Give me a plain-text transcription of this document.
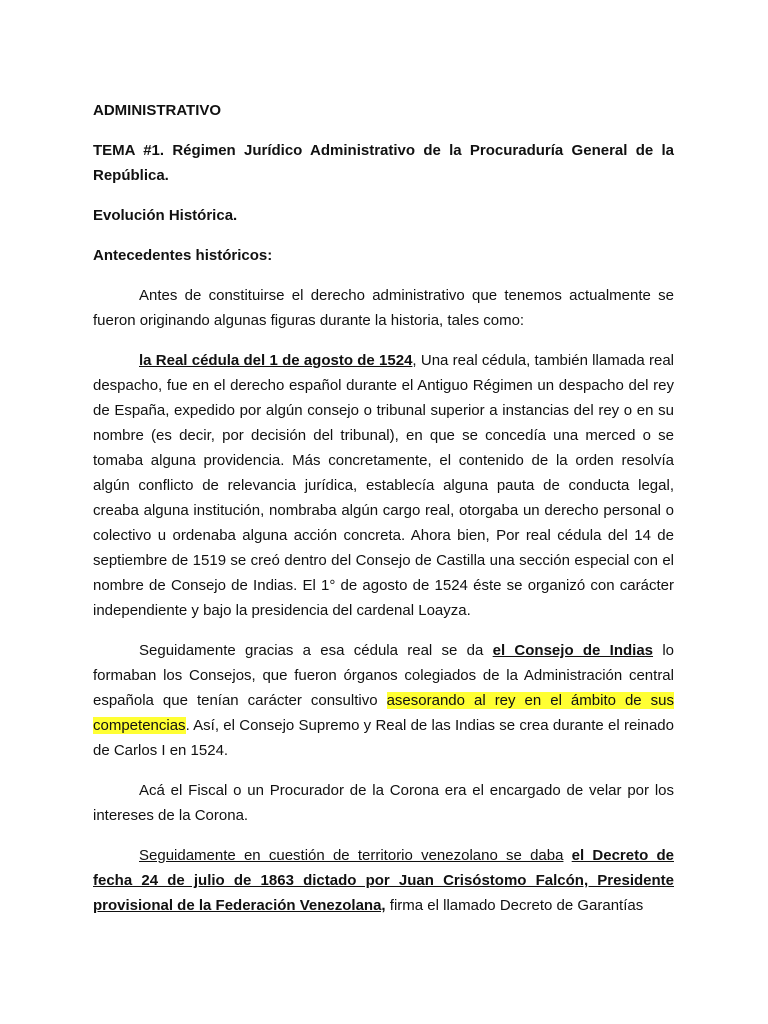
ADMINISTRATIVO

TEMA #1. Régimen Jurídico Administrativo de la Procuraduría General de la República.

Evolución Histórica.

Antecedentes históricos:

Antes de constituirse el derecho administrativo que tenemos actualmente se fueron originando algunas figuras durante la historia, tales como:

la Real cédula del 1 de agosto de 1524, Una real cédula, también llamada real despacho, fue en el derecho español durante el Antiguo Régimen un despacho del rey de España, expedido por algún consejo o tribunal superior a instancias del rey o en su nombre (es decir, por decisión del tribunal), en que se concedía una merced o se tomaba alguna providencia. Más concretamente, el contenido de la orden resolvía algún conflicto de relevancia jurídica, establecía alguna pauta de conducta legal, creaba alguna institución, nombraba algún cargo real, otorgaba un derecho personal o colectivo u ordenaba alguna acción concreta. Ahora bien, Por real cédula del 14 de septiembre de 1519 se creó dentro del Consejo de Castilla una sección especial con el nombre de Consejo de Indias. El 1° de agosto de 1524 éste se organizó con carácter independiente y bajo la presidencia del cardenal Loayza.

Seguidamente gracias a esa cédula real se da el Consejo de Indias lo formaban los Consejos, que fueron órganos colegiados de la Administración central española que tenían carácter consultivo asesorando al rey en el ámbito de sus competencias. Así, el Consejo Supremo y Real de las Indias se crea durante el reinado de Carlos I en 1524.

Acá el Fiscal o un Procurador de la Corona era el encargado de velar por los intereses de la Corona.

Seguidamente en cuestión de territorio venezolano se daba el Decreto de fecha 24 de julio de 1863 dictado por Juan Crisóstomo Falcón, Presidente provisional de la Federación Venezolana, firma el llamado Decreto de Garantías
